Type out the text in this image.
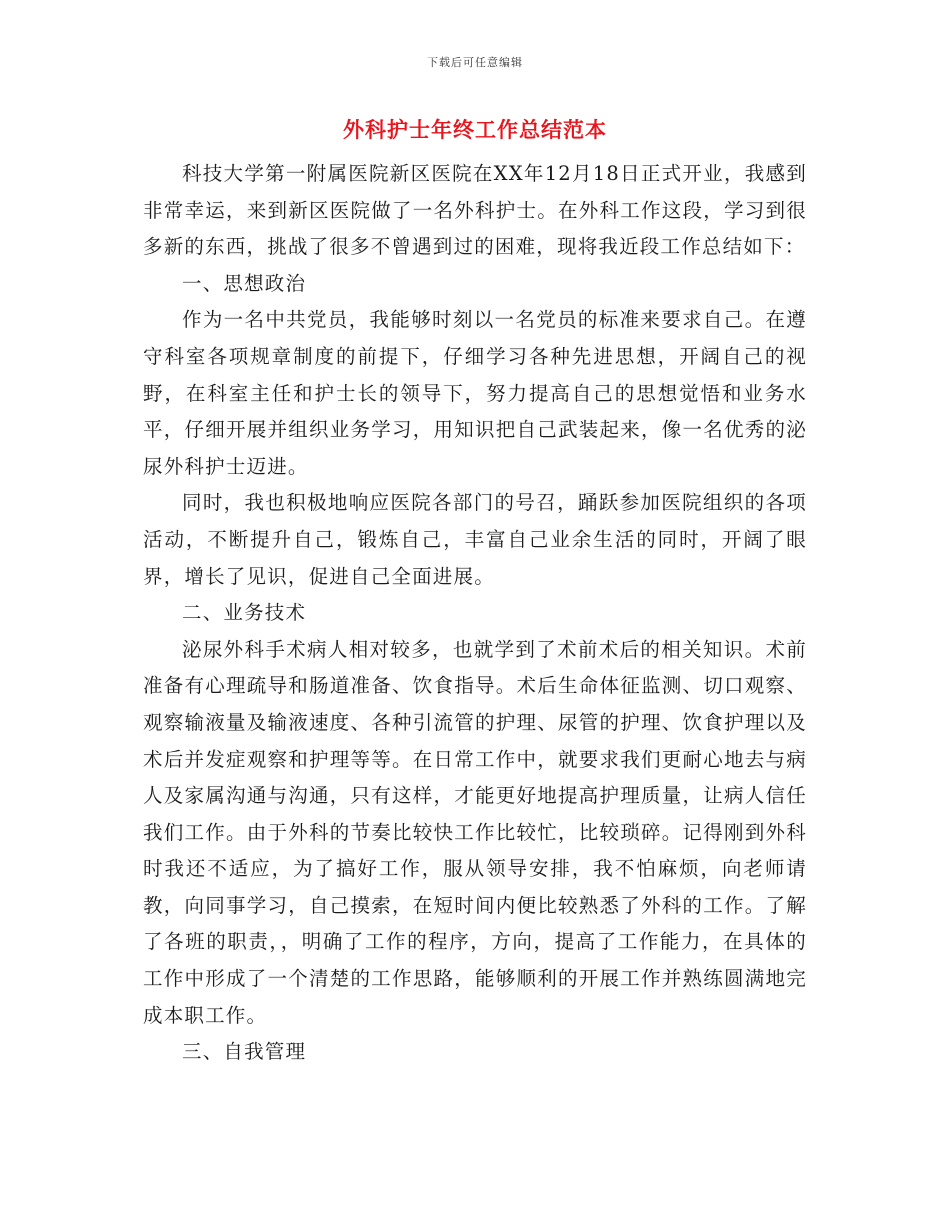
下载后可任意编辑
外科护士年终工作总结范本

科技大学第一附属医院新区医院在XX年12月18日正式开业，我感到非常幸运，来到新区医院做了一名外科护士。在外科工作这段，学习到很多新的东西，挑战了很多不曾遇到过的困难，现将我近段工作总结如下：

一、思想政治

作为一名中共党员，我能够时刻以一名党员的标准来要求自己。在遵守科室各项规章制度的前提下，仔细学习各种先进思想，开阔自己的视野，在科室主任和护士长的领导下，努力提高自己的思想觉悟和业务水平，仔细开展并组织业务学习，用知识把自己武装起来，像一名优秀的泌尿外科护士迈进。

同时，我也积极地响应医院各部门的号召，踊跃参加医院组织的各项活动，不断提升自己，锻炼自己，丰富自己业余生活的同时，开阔了眼界，增长了见识，促进自己全面进展。

二、业务技术

泌尿外科手术病人相对较多，也就学到了术前术后的相关知识。术前准备有心理疏导和肠道准备、饮食指导。术后生命体征监测、切口观察、观察输液量及输液速度、各种引流管的护理、尿管的护理、饮食护理以及术后并发症观察和护理等等。在日常工作中，就要求我们更耐心地去与病人及家属沟通与沟通，只有这样，才能更好地提高护理质量，让病人信任我们工作。由于外科的节奏比较快工作比较忙，比较琐碎。记得刚到外科时我还不适应，为了搞好工作，服从领导安排，我不怕麻烦，向老师请教，向同事学习，自己摸索，在短时间内便比较熟悉了外科的工作。了解了各班的职责，，明确了工作的程序，方向，提高了工作能力，在具体的工作中形成了一个清楚的工作思路，能够顺利的开展工作并熟练圆满地完成本职工作。

三、自我管理
